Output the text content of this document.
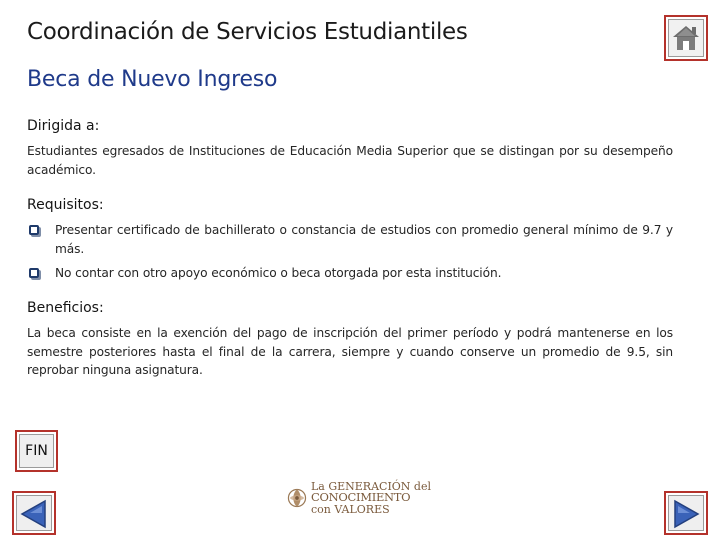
Coordinación de Servicios Estudiantiles
Beca de Nuevo Ingreso
Dirigida a:
Estudiantes egresados de Instituciones de Educación Media Superior que se distingan por su desempeño académico.
Requisitos:
Presentar certificado de bachillerato o constancia de estudios con promedio general mínimo de 9.7 y más.
No contar con otro apoyo económico o beca otorgada por esta institución.
Beneficios:
La beca consiste en la exención del pago de inscripción del primer período y podrá mantenerse en los semestre posteriores hasta el final de la carrera, siempre y cuando conserve un promedio de 9.5, sin reprobar ninguna asignatura.
FIN
La GENERACIÓN del
CONOCIMIENTO
con VALORES
